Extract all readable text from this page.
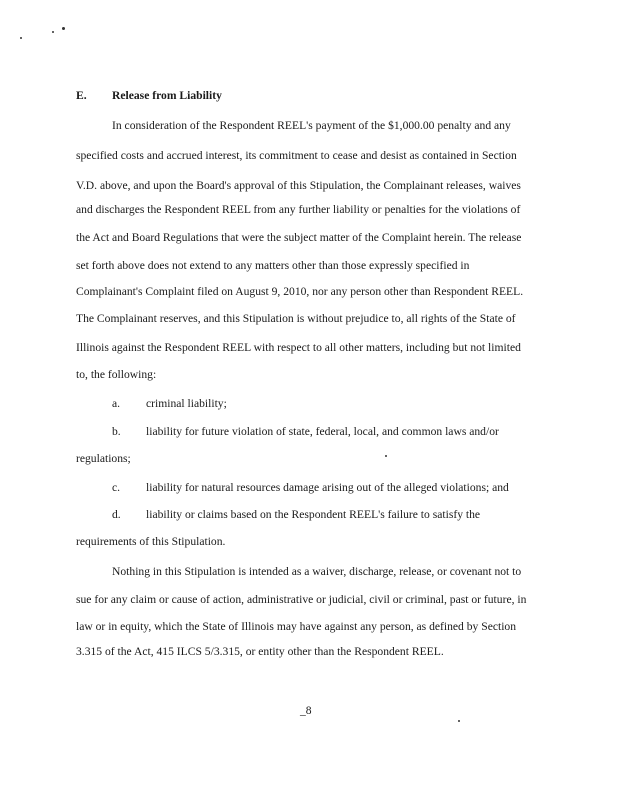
E. Release from Liability
In consideration of the Respondent REEL's payment of the $1,000.00 penalty and any
specified costs and accrued interest, its commitment to cease and desist as contained in Section
V.D. above, and upon the Board's approval of this Stipulation, the Complainant releases, waives
and discharges the Respondent REEL from any further liability or penalties for the violations of
the Act and Board Regulations that were the subject matter of the Complaint herein. The release
set forth above does not extend to any matters other than those expressly specified in
Complainant's Complaint filed on August 9, 2010, nor any person other than Respondent REEL.
The Complainant reserves, and this Stipulation is without prejudice to, all rights of the State of
Illinois against the Respondent REEL with respect to all other matters, including but not limited
to, the following:
a. criminal liability;
b. liability for future violation of state, federal, local, and common laws and/or
regulations;
c. liability for natural resources damage arising out of the alleged violations; and
d. liability or claims based on the Respondent REEL's failure to satisfy the
requirements of this Stipulation.
Nothing in this Stipulation is intended as a waiver, discharge, release, or covenant not to
sue for any claim or cause of action, administrative or judicial, civil or criminal, past or future, in
law or in equity, which the State of Illinois may have against any person, as defined by Section
3.315 of the Act, 415 ILCS 5/3.315, or entity other than the Respondent REEL.
_8
